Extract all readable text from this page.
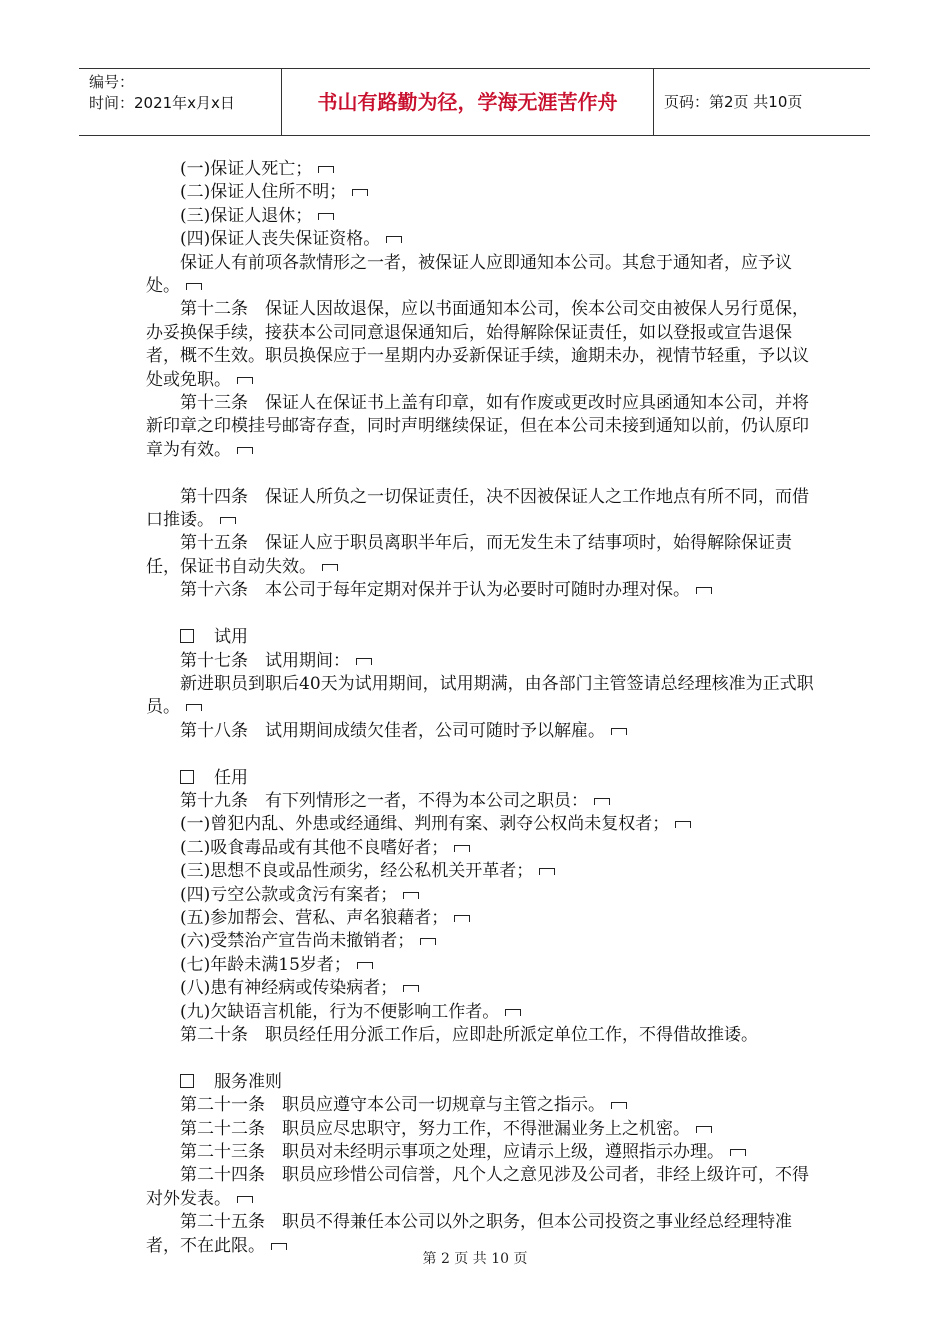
编号：
时间：2021年x月x日	书山有路勤为径，学海无涯苦作舟	页码：第2页 共10页
(一)保证人死亡；
(二)保证人住所不明；
(三)保证人退休；
(四)保证人丧失保证资格。
保证人有前项各款情形之一者，被保证人应即通知本公司。其怠于通知者，应予议处。
第十二条　保证人因故退保，应以书面通知本公司，俟本公司交由被保人另行觅保，办妥换保手续，接获本公司同意退保通知后，始得解除保证责任，如以登报或宣告退保者，概不生效。职员换保应于一星期内办妥新保证手续，逾期未办，视情节轻重，予以议处或免职。
第十三条　保证人在保证书上盖有印章，如有作废或更改时应具函通知本公司，并将新印章之印模挂号邮寄存查，同时声明继续保证，但在本公司未接到通知以前，仍认原印章为有效。
第十四条　保证人所负之一切保证责任，决不因被保证人之工作地点有所不同，而借口推诿。
第十五条　保证人应于职员离职半年后，而无发生未了结事项时，始得解除保证责任，保证书自动失效。
第十六条　本公司于每年定期对保并于认为必要时可随时办理对保。
试用
第十七条　试用期间：
新进职员到职后40天为试用期间，试用期满，由各部门主管签请总经理核准为正式职员。
第十八条　试用期间成绩欠佳者，公司可随时予以解雇。
任用
第十九条　有下列情形之一者，不得为本公司之职员：
(一)曾犯内乱、外患或经通缉、判刑有案、剥夺公权尚未复权者；
(二)吸食毒品或有其他不良嗜好者；
(三)思想不良或品性顽劣，经公私机关开革者；
(四)亏空公款或贪污有案者；
(五)参加帮会、营私、声名狼藉者；
(六)受禁治产宣告尚未撤销者；
(七)年龄未满15岁者；
(八)患有神经病或传染病者；
(九)欠缺语言机能，行为不便影响工作者。
第二十条　职员经任用分派工作后，应即赴所派定单位工作，不得借故推诿。
服务准则
第二十一条　职员应遵守本公司一切规章与主管之指示。
第二十二条　职员应尽忠职守，努力工作，不得泄漏业务上之机密。
第二十三条　职员对未经明示事项之处理，应请示上级，遵照指示办理。
第二十四条　职员应珍惜公司信誉，凡个人之意见涉及公司者，非经上级许可，不得对外发表。
第二十五条　职员不得兼任本公司以外之职务，但本公司投资之事业经总经理特准者，不在此限。
第 2 页 共 10 页
